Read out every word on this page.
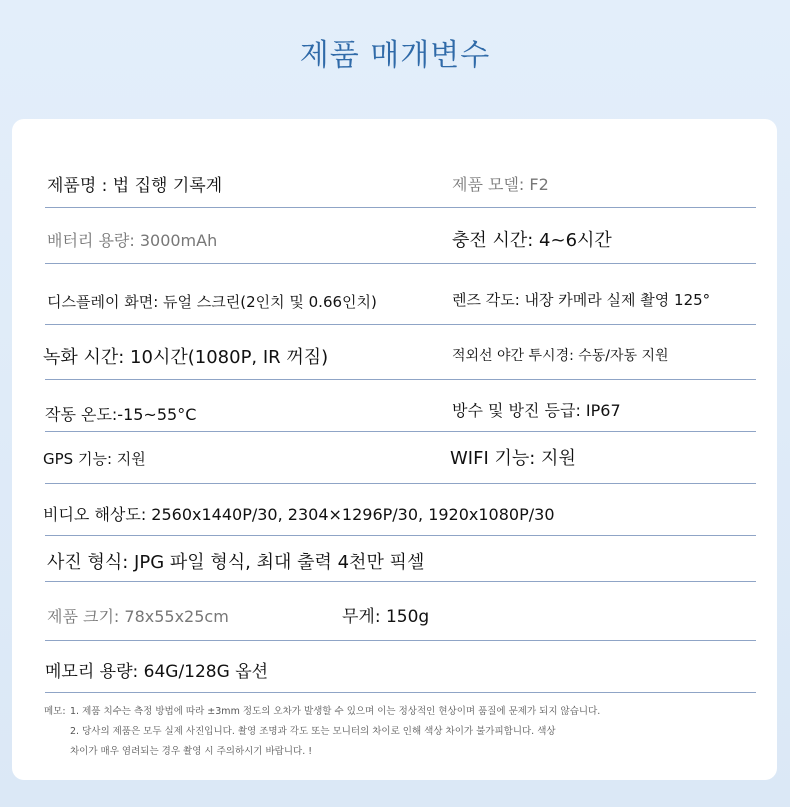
제품 매개변수
제품명 : 법 집행 기록계	제품 모델: F2
배터리 용량: 3000mAh	충전 시간: 4~6시간
디스플레이 화면: 듀얼 스크린(2인치 및 0.66인치)	렌즈 각도: 내장 카메라 실제 촬영 125°
녹화 시간: 10시간(1080P, IR 꺼짐)	적외선 야간 투시경: 수동/자동 지원
작동 온도:-15~55°C	방수 및 방진 등급: IP67
GPS 기능: 지원	WIFI 기능: 지원
비디오 해상도: 2560x1440P/30, 2304×1296P/30, 1920x1080P/30
사진 형식: JPG 파일 형식, 최대 출력 4천만 픽셀
제품 크기: 78x55x25cm	무게: 150g
메모리 용량: 64G/128G 옵션
메모: 1. 제품 치수는 측정 방법에 따라 ±3mm 정도의 오차가 발생할 수 있으며 이는 정상적인 현상이며 품질에 문제가 되지 않습니다.
2. 당사의 제품은 모두 실제 사진입니다. 촬영 조명과 각도 또는 모니터의 차이로 인해 색상 차이가 불가피합니다. 색상
차이가 매우 염려되는 경우 촬영 시 주의하시기 바랍니다. !
